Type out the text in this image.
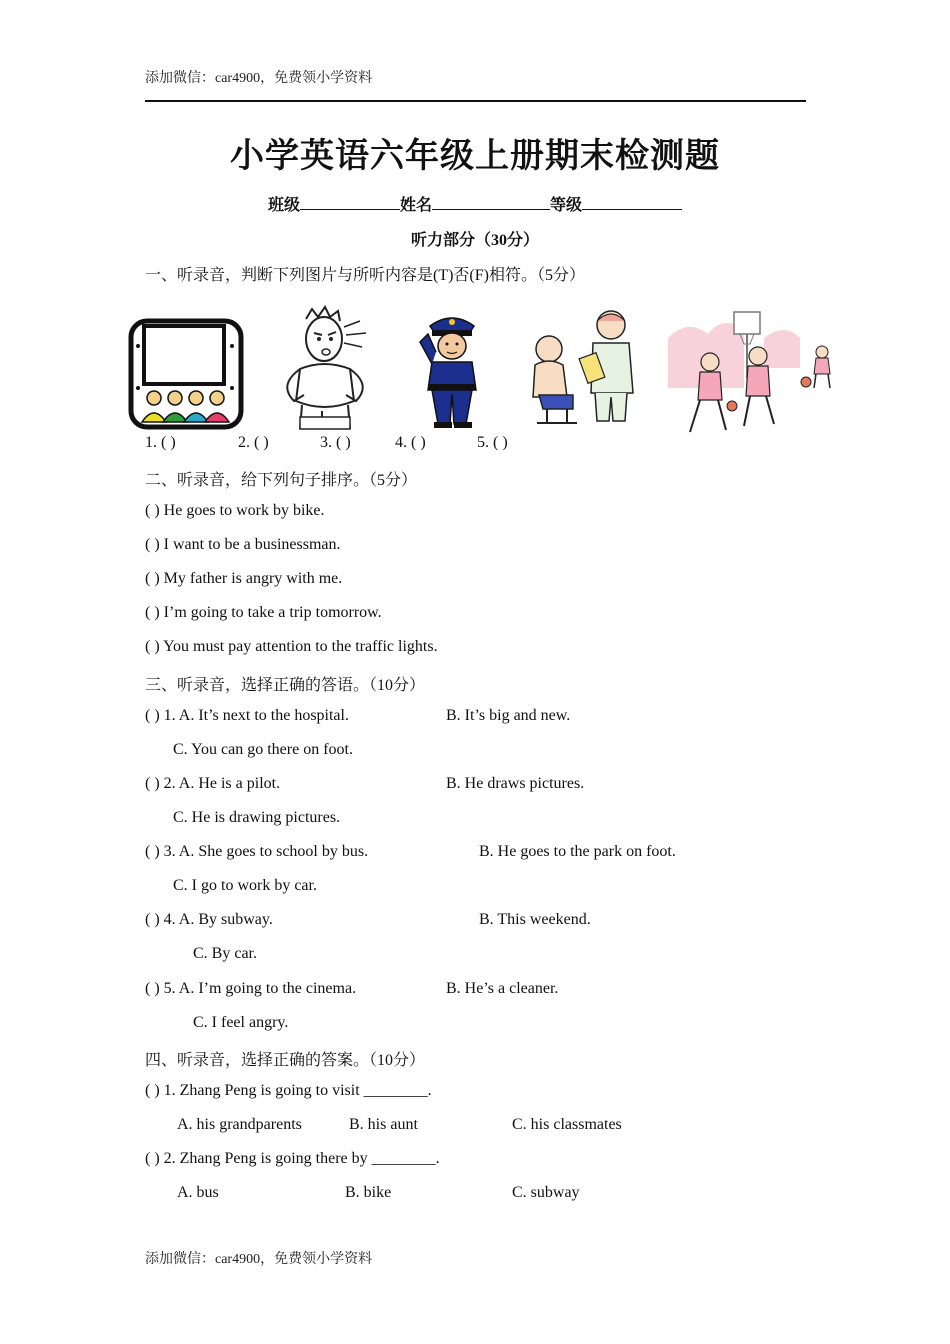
添加微信：car4900，免费领小学资料
小学英语六年级上册期末检测题
班级	姓名	等级
听力部分（30分）
一、听录音，判断下列图片与所听内容是(T)否(F)相符。（5分）
1. ( )	2. ( )	3. ( )	4. ( )	5. ( )
二、听录音，给下列句子排序。（5分）
( ) He goes to work by bike.
( ) I want to be a businessman.
( ) My father is angry with me.
( ) I’m going to take a trip tomorrow.
( ) You must pay attention to the traffic lights.
三、听录音，选择正确的答语。（10分）
( ) 1. A. It’s next to the hospital.	B. It’s big and new.
C. You can go there on foot.
( ) 2. A. He is a pilot.	B. He draws pictures.
C. He is drawing pictures.
( ) 3. A. She goes to school by bus.	B. He goes to the park on foot.
C. I go to work by car.
( ) 4. A. By subway.	B. This weekend.
C. By car.
( ) 5. A. I’m going to the cinema.	B. He’s a cleaner.
C. I feel angry.
四、听录音，选择正确的答案。（10分）
( ) 1. Zhang Peng is going to visit ________.
A. his grandparents	B. his aunt	C. his classmates
( ) 2. Zhang Peng is going there by ________.
A. bus	B. bike	C. subway
添加微信：car4900，免费领小学资料
